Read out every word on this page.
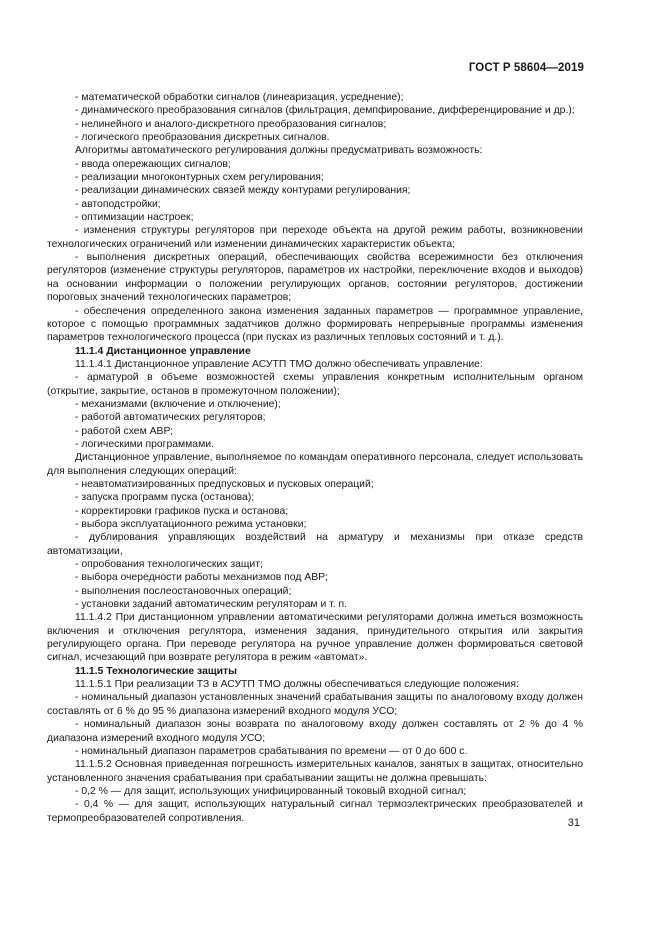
ГОСТ Р 58604—2019

- математической обработки сигналов (линеаризация, усреднение);

- динамического преобразования сигналов (фильтрация, демпфирование, дифференцирование и др.);

- нелинейного и аналого-дискретного преобразования сигналов;

- логического преобразования дискретных сигналов.

Алгоритмы автоматического регулирования должны предусматривать возможность:

- ввода опережающих сигналов;

- реализации многоконтурных схем регулирования;

- реализации динамических связей между контурами регулирования;

- автоподстройки;

- оптимизации настроек;

- изменения структуры регуляторов при переходе объекта на другой режим работы, возникновении технологических ограничений или изменении динамических характеристик объекта;

- выполнения дискретных операций, обеспечивающих свойства всережимности без отключения регуляторов (изменение структуры регуляторов, параметров их настройки, переключение входов и выходов) на основании информации о положении регулирующих органов, состоянии регуляторов, достижении пороговых значений технологических параметров;

- обеспечения определенного закона изменения заданных параметров — программное управление, которое с помощью программных задатчиков должно формировать непрерывные программы изменения параметров технологического процесса (при пусках из различных тепловых состояний и т. д.).

11.1.4 Дистанционное управление

11.1.4.1 Дистанционное управление АСУТП ТМО должно обеспечивать управление:

- арматурой в объеме возможностей схемы управления конкретным исполнительным органом (открытие, закрытие, останов в промежуточном положении);

- механизмами (включение и отключение);

- работой автоматических регуляторов;

- работой схем АВР;

- логическими программами.

Дистанционное управление, выполняемое по командам оперативного персонала, следует использовать для выполнения следующих операций:

- неавтоматизированных предпусковых и пусковых операций;

- запуска программ пуска (останова);

- корректировки графиков пуска и останова;

- выбора эксплуатационного режима установки;

- дублирования управляющих воздействий на арматуру и механизмы при отказе средств автоматизации,

- опробования технологических защит;

- выбора очередности работы механизмов под АВР;

- выполнения послеостановочных операций;

- установки заданий автоматическим регуляторам и т. п.

11.1.4.2 При дистанционном управлении автоматическими регуляторами должна иметься возможность включения и отключения регулятора, изменения задания, принудительного открытия или закрытия регулирующего органа. При переводе регулятора на ручное управление должен формироваться световой сигнал, исчезающий при возврате регулятора в режим «автомат».

11.1.5 Технологические защиты

11.1.5.1 При реализации ТЗ в АСУТП ТМО должны обеспечиваться следующие положения:

- номинальный диапазон установленных значений срабатывания защиты по аналоговому входу должен составлять от 6 % до 95 % диапазона измерений входного модуля УСО;

- номинальный диапазон зоны возврата по аналоговому входу должен составлять от 2 % до 4 % диапазона измерений входного модуля УСО;

- номинальный диапазон параметров срабатывания по времени — от 0 до 600 с.

11.1.5.2 Основная приведенная погрешность измерительных каналов, занятых в защитах, относительно установленного значения срабатывания при срабатывании защиты не должна превышать:

- 0,2 % — для защит, использующих унифицированный токовый входной сигнал;

- 0,4 % — для защит, использующих натуральный сигнал термоэлектрических преобразователей и термопреобразователей сопротивления.	31
